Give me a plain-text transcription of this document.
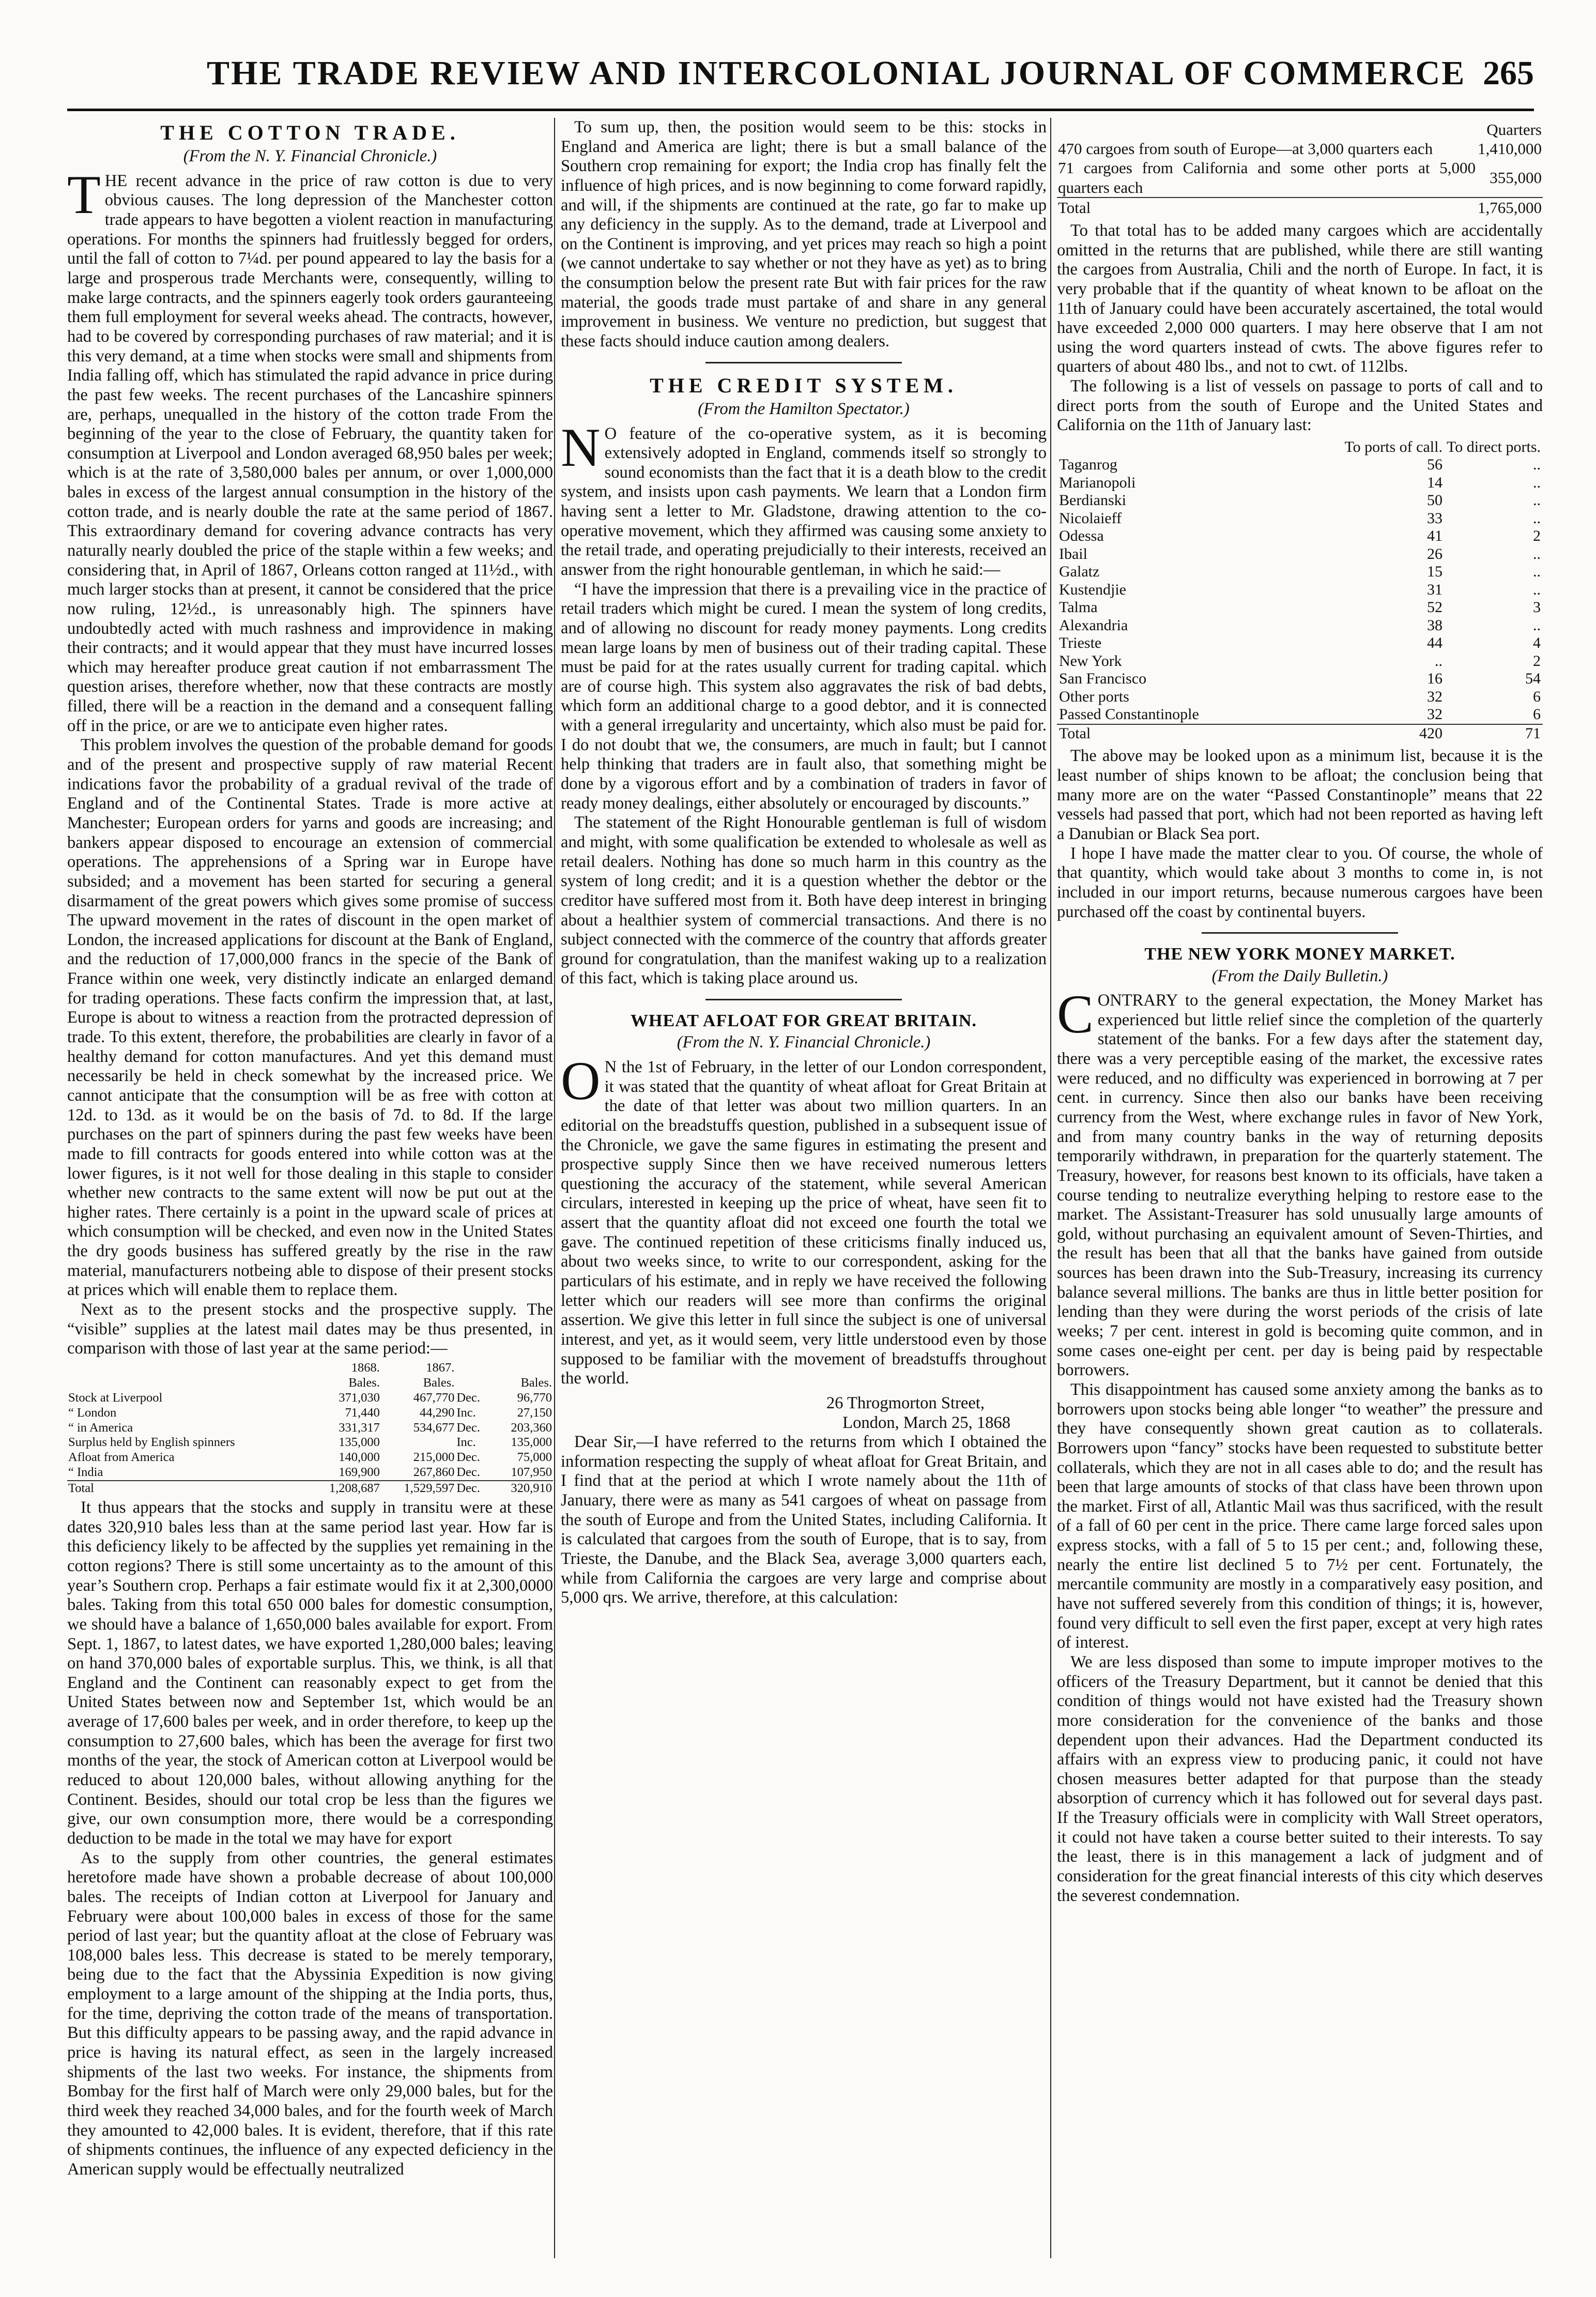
THE TRADE REVIEW AND INTERCOLONIAL JOURNAL OF COMMERCE 265
THE COTTON TRADE.
(From the N. Y. Financial Chronicle.)

THE recent advance in the price of raw cotton is due to very obvious causes. The long depression of the Manchester cotton trade appears to have begotten a violent reaction in manufacturing operations. For months the spinners had fruitlessly begged for orders, until the fall of cotton to 7¼d. per pound appeared to lay the basis for a large and prosperous trade Merchants were, consequently, willing to make large contracts, and the spinners eagerly took orders gauranteeing them full employment for several weeks ahead. The contracts, however, had to be covered by corresponding purchases of raw material; and it is this very demand, at a time when stocks were small and shipments from India falling off, which has stimulated the rapid advance in price during the past few weeks. The recent purchases of the Lancashire spinners are, perhaps, unequalled in the history of the cotton trade From the beginning of the year to the close of February, the quantity taken for consumption at Liverpool and London averaged 68,950 bales per week; which is at the rate of 3,580,000 bales per annum, or over 1,000,000 bales in excess of the largest annual consumption in the history of the cotton trade, and is nearly double the rate at the same period of 1867. This extraordinary demand for covering advance contracts has very naturally nearly doubled the price of the staple within a few weeks; and considering that, in April of 1867, Orleans cotton ranged at 11½d., with much larger stocks than at present, it cannot be considered that the price now ruling, 12½d., is unreasonably high. The spinners have undoubtedly acted with much rashness and improvidence in making their contracts; and it would appear that they must have incurred losses which may hereafter produce great caution if not embarrassment The question arises, therefore whether, now that these contracts are mostly filled, there will be a reaction in the demand and a consequent falling off in the price, or are we to anticipate even higher rates.

This problem involves the question of the probable demand for goods and of the present and prospective supply of raw material Recent indications favor the probability of a gradual revival of the trade of England and of the Continental States. Trade is more active at Manchester; European orders for yarns and goods are increasing; and bankers appear disposed to encourage an extension of commercial operations. The apprehensions of a Spring war in Europe have subsided; and a movement has been started for securing a general disarmament of the great powers which gives some promise of success The upward movement in the rates of discount in the open market of London, the increased applications for discount at the Bank of England, and the reduction of 17,000,000 francs in the specie of the Bank of France within one week, very distinctly indicate an enlarged demand for trading operations. These facts confirm the impression that, at last, Europe is about to witness a reaction from the protracted depression of trade. To this extent, therefore, the probabilities are clearly in favor of a healthy demand for cotton manufactures. And yet this demand must necessarily be held in check somewhat by the increased price. We cannot anticipate that the consumption will be as free with cotton at 12d. to 13d. as it would be on the basis of 7d. to 8d. If the large purchases on the part of spinners during the past few weeks have been made to fill contracts for goods entered into while cotton was at the lower figures, is it not well for those dealing in this staple to consider whether new contracts to the same extent will now be put out at the higher rates. There certainly is a point in the upward scale of prices at which consumption will be checked, and even now in the United States the dry goods business has suffered greatly by the rise in the raw material, manufacturers notbeing able to dispose of their present stocks at prices which will enable them to replace them.

Next as to the present stocks and the prospective supply. The “visible” supplies at the latest mail dates may be thus presented, in comparison with those of last year at the same period:—

	1868.	1867.		
	Bales.	Bales.		Bales.
Stock at Liverpool	371,030	467,770	Dec.	96,770
“ London	71,440	44,290	Inc.	27,150
“ in America	331,317	534,677	Dec.	203,360
Surplus held by English spinners	135,000		Inc.	135,000
Afloat from America	140,000	215,000	Dec.	75,000
“ India	169,900	267,860	Dec.	107,950
Total	1,208,687	1,529,597	Dec.	320,910

It thus appears that the stocks and supply in transitu were at these dates 320,910 bales less than at the same period last year. How far is this deficiency likely to be affected by the supplies yet remaining in the cotton regions? There is still some uncertainty as to the amount of this year’s Southern crop. Perhaps a fair estimate would fix it at 2,300,0000 bales. Taking from this total 650 000 bales for domestic consumption, we should have a balance of 1,650,000 bales available for export. From Sept. 1, 1867, to latest dates, we have exported 1,280,000 bales; leaving on hand 370,000 bales of exportable surplus. This, we think, is all that England and the Continent can reasonably expect to get from the United States between now and September 1st, which would be an average of 17,600 bales per week, and in order therefore, to keep up the consumption to 27,600 bales, which has been the average for first two months of the year, the stock of American cotton at Liverpool would be reduced to about 120,000 bales, without allowing anything for the Continent. Besides, should our total crop be less than the figures we give, our own consumption more, there would be a corresponding deduction to be made in the total we may have for export

As to the supply from other countries, the general estimates heretofore made have shown a probable decrease of about 100,000 bales. The receipts of Indian cotton at Liverpool for January and February were about 100,000 bales in excess of those for the same period of last year; but the quantity afloat at the close of February was 108,000 bales less. This decrease is stated to be merely temporary, being due to the fact that the Abyssinia Expedition is now giving employment to a large amount of the shipping at the India ports, thus, for the time, depriving the cotton trade of the means of transportation. But this difficulty appears to be passing away, and the rapid advance in price is having its natural effect, as seen in the largely increased shipments of the last two weeks. For instance, the shipments from Bombay for the first half of March were only 29,000 bales, but for the third week they reached 34,000 bales, and for the fourth week of March they amounted to 42,000 bales. It is evident, therefore, that if this rate of shipments continues, the influence of any expected deficiency in the American supply would be effectually neutralized

To sum up, then, the position would seem to be this: stocks in England and America are light; there is but a small balance of the Southern crop remaining for export; the India crop has finally felt the influence of high prices, and is now beginning to come forward rapidly, and will, if the shipments are continued at the rate, go far to make up any deficiency in the supply. As to the demand, trade at Liverpool and on the Continent is improving, and yet prices may reach so high a point (we cannot undertake to say whether or not they have as yet) as to bring the consumption below the present rate But with fair prices for the raw material, the goods trade must partake of and share in any general improvement in business. We venture no prediction, but suggest that these facts should induce caution among dealers.

THE CREDIT SYSTEM.
(From the Hamilton Spectator.)

N O feature of the co-operative system, as it is becoming extensively adopted in England, commends itself so strongly to sound economists than the fact that it is a death blow to the credit system, and insists upon cash payments. We learn that a London firm having sent a letter to Mr. Gladstone, drawing attention to the co-operative movement, which they affirmed was causing some anxiety to the retail trade, and operating prejudicially to their interests, received an answer from the right honourable gentleman, in which he said:—

“I have the impression that there is a prevailing vice in the practice of retail traders which might be cured. I mean the system of long credits, and of allowing no discount for ready money payments. Long credits mean large loans by men of business out of their trading capital. These must be paid for at the rates usually current for trading capital. which are of course high. This system also aggravates the risk of bad debts, which form an additional charge to a good debtor, and it is connected with a general irregularity and uncertainty, which also must be paid for. I do not doubt that we, the consumers, are much in fault; but I cannot help thinking that traders are in fault also, that something might be done by a vigorous effort and by a combination of traders in favor of ready money dealings, either absolutely or encouraged by discounts.”

The statement of the Right Honourable gentleman is full of wisdom and might, with some qualification be extended to wholesale as well as retail dealers. Nothing has done so much harm in this country as the system of long credit; and it is a question whether the debtor or the creditor have suffered most from it. Both have deep interest in bringing about a healthier system of commercial transactions. And there is no subject connected with the commerce of the country that affords greater ground for congratulation, than the manifest waking up to a realization of this fact, which is taking place around us.

WHEAT AFLOAT FOR GREAT BRITAIN.
(From the N. Y. Financial Chronicle.)

O N the 1st of February, in the letter of our London correspondent, it was stated that the quantity of wheat afloat for Great Britain at the date of that letter was about two million quarters. In an editorial on the breadstuffs question, published in a subsequent issue of the Chronicle, we gave the same figures in estimating the present and prospective supply Since then we have received numerous letters questioning the accuracy of the statement, while several American circulars, interested in keeping up the price of wheat, have seen fit to assert that the quantity afloat did not exceed one fourth the total we gave. The continued repetition of these criticisms finally induced us, about two weeks since, to write to our correspondent, asking for the particulars of his estimate, and in reply we have received the following letter which our readers will see more than confirms the original assertion. We give this letter in full since the subject is one of universal interest, and yet, as it would seem, very little understood even by those supposed to be familiar with the movement of breadstuffs throughout the world.

26 Throgmorton Street,
London, March 25, 1868

Dear Sir,—I have referred to the returns from which I obtained the information respecting the supply of wheat afloat for Great Britain, and I find that at the period at which I wrote namely about the 11th of January, there were as many as 541 cargoes of wheat on passage from the south of Europe and from the United States, including California. It is calculated that cargoes from the south of Europe, that is to say, from Trieste, the Danube, and the Black Sea, average 3,000 quarters each, while from California the cargoes are very large and comprise about 5,000 qrs. We arrive, therefore, at this calculation:

	Quarters
470 cargoes from south of Europe—at 3,000 quarters each	1,410,000
71 cargoes from California and some other ports at 5,000 quarters each	355,000
Total	1,765,000

To that total has to be added many cargoes which are accidentally omitted in the returns that are published, while there are still wanting the cargoes from Australia, Chili and the north of Europe. In fact, it is very probable that if the quantity of wheat known to be afloat on the 11th of January could have been accurately ascertained, the total would have exceeded 2,000 000 quarters. I may here observe that I am not using the word quarters instead of cwts. The above figures refer to quarters of about 480 lbs., and not to cwt. of 112lbs.

The following is a list of vessels on passage to ports of call and to direct ports from the south of Europe and the United States and California on the 11th of January last:

	To ports of call.	To direct ports.
Taganrog	56	..
Marianopoli	14	..
Berdianski	50	..
Nicolaieff	33	..
Odessa	41	2
Ibail	26	..
Galatz	15	..
Kustendjie	31	..
Talma	52	3
Alexandria	38	..
Trieste	44	4
New York	..	2
San Francisco	16	54
Other ports	32	6
Passed Constantinople	32	6
Total	420	71

The above may be looked upon as a minimum list, because it is the least number of ships known to be afloat; the conclusion being that many more are on the water “Passed Constantinople” means that 22 vessels had passed that port, which had not been reported as having left a Danubian or Black Sea port.

I hope I have made the matter clear to you. Of course, the whole of that quantity, which would take about 3 months to come in, is not included in our import returns, because numerous cargoes have been purchased off the coast by continental buyers.

THE NEW YORK MONEY MARKET.
(From the Daily Bulletin.)

CONTRARY to the general expectation, the Money Market has experienced but little relief since the completion of the quarterly statement of the banks. For a few days after the statement day, there was a very perceptible easing of the market, the excessive rates were reduced, and no difficulty was experienced in borrowing at 7 per cent. in currency. Since then also our banks have been receiving currency from the West, where exchange rules in favor of New York, and from many country banks in the way of returning deposits temporarily withdrawn, in preparation for the quarterly statement. The Treasury, however, for reasons best known to its officials, have taken a course tending to neutralize everything helping to restore ease to the market. The Assistant-Treasurer has sold unusually large amounts of gold, without purchasing an equivalent amount of Seven-Thirties, and the result has been that all that the banks have gained from outside sources has been drawn into the Sub-Treasury, increasing its currency balance several millions. The banks are thus in little better position for lending than they were during the worst periods of the crisis of late weeks; 7 per cent. interest in gold is becoming quite common, and in some cases one-eight per cent. per day is being paid by respectable borrowers.

This disappointment has caused some anxiety among the banks as to borrowers upon stocks being able longer “to weather” the pressure and they have consequently shown great caution as to collaterals. Borrowers upon “fancy” stocks have been requested to substitute better collaterals, which they are not in all cases able to do; and the result has been that large amounts of stocks of that class have been thrown upon the market. First of all, Atlantic Mail was thus sacrificed, with the result of a fall of 60 per cent in the price. There came large forced sales upon express stocks, with a fall of 5 to 15 per cent.; and, following these, nearly the entire list declined 5 to 7½ per cent. Fortunately, the mercantile community are mostly in a comparatively easy position, and have not suffered severely from this condition of things; it is, however, found very difficult to sell even the first paper, except at very high rates of interest.

We are less disposed than some to impute improper motives to the officers of the Treasury Department, but it cannot be denied that this condition of things would not have existed had the Treasury shown more consideration for the convenience of the banks and those dependent upon their advances. Had the Department conducted its affairs with an express view to producing panic, it could not have chosen measures better adapted for that purpose than the steady absorption of currency which it has followed out for several days past. If the Treasury officials were in complicity with Wall Street operators, it could not have taken a course better suited to their interests. To say the least, there is in this management a lack of judgment and of consideration for the great financial interests of this city which deserves the severest condemnation.
